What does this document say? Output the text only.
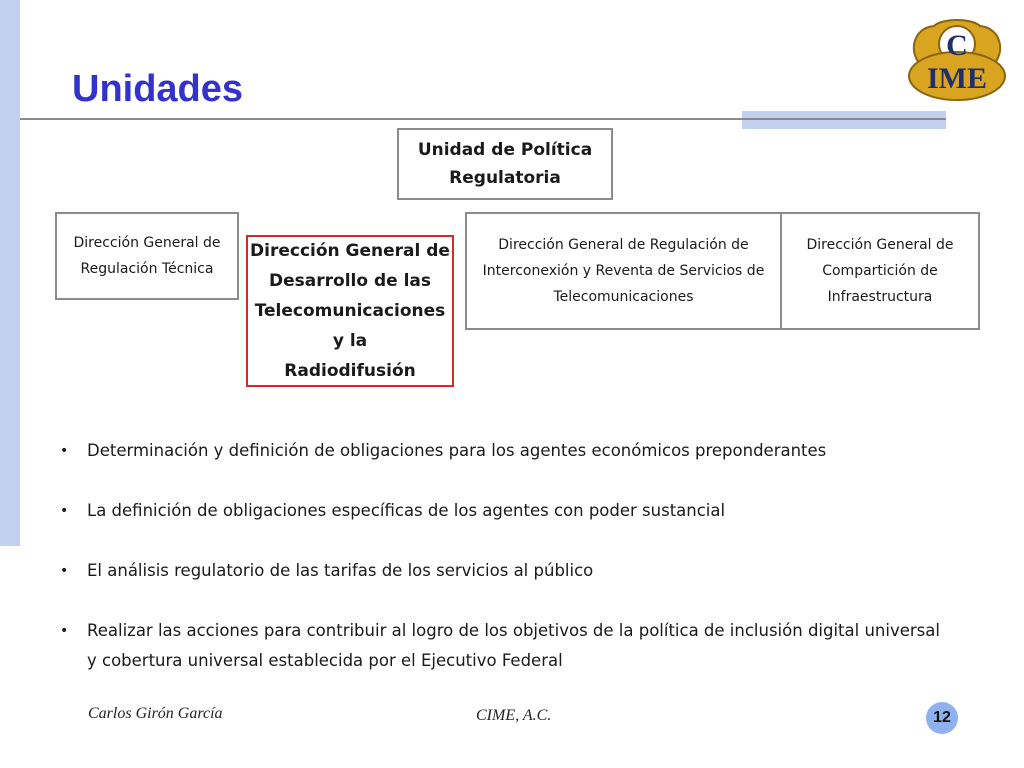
Unidades
C
IME
Unidad de Política
Regulatoria
Dirección General de
Regulación Técnica
Dirección General de
Desarrollo de las
Telecomunicaciones y la
Radiodifusión
Dirección General de Regulación de
Interconexión y Reventa de Servicios de
Telecomunicaciones
Dirección General de
Compartición de
Infraestructura
• Determinación y definición de obligaciones para los agentes económicos preponderantes
• La definición de obligaciones específicas de los agentes con poder sustancial
• El análisis regulatorio de las tarifas de los servicios al público
• Realizar las acciones para contribuir al logro de los objetivos de la política de inclusión digital universal
y cobertura universal establecida por el Ejecutivo Federal
Carlos Girón García	CIME, A.C.	12
